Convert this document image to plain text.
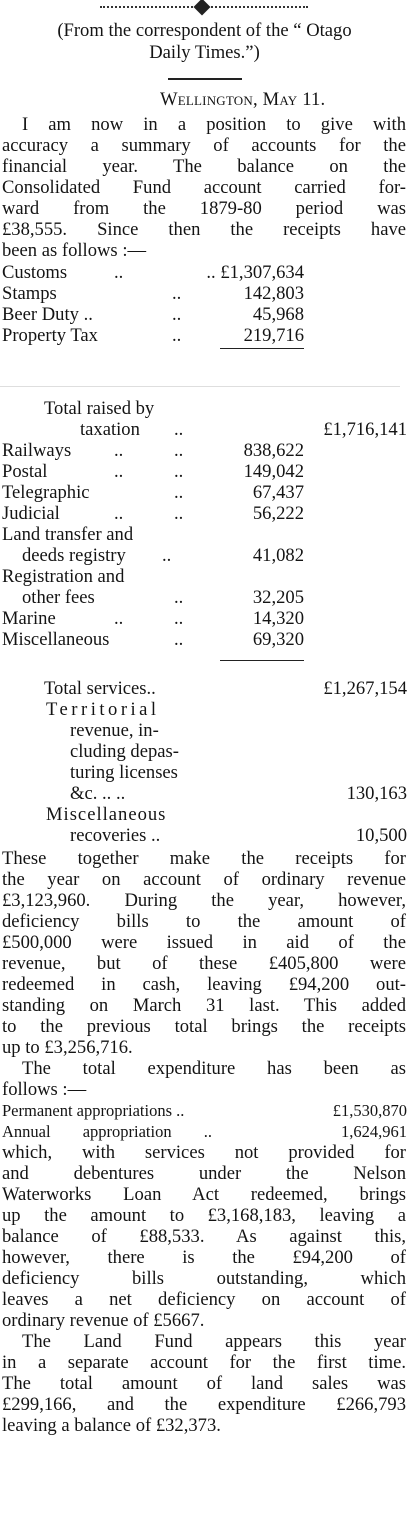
(From the correspondent of the “ Otago
Daily Times.”)
Wellington, May 11.
I am now in a position to give with
accuracy a summary of accounts for the
financial year. The balance on the
Consolidated Fund account carried for-
ward from the 1879-80 period was
£38,555. Since then the receipts have
been as follows :—
Customs	..	.. £1,307,634
Stamps	..	142,803
Beer Duty ..	..	45,968
Property Tax	..	219,716
Total raised by
taxation ..	£1,716,141
Railways ..	..	838,622
Postal	..	..	149,042
Telegraphic	..	67,437
Judicial	..	..	56,222
Land transfer and
deeds registry ..	41,082
Registration and
other fees	..	32,205
Marine	..	..	14,320
Miscellaneous	..	69,320
Total services..	£1,267,154
Territorial
revenue, in-
cluding depas-
turing licenses
&c. .. ..	130,163
Miscellaneous
recoveries ..	10,500
These together make the receipts for
the year on account of ordinary revenue
£3,123,960. During the year, however,
deficiency bills to the amount of
£500,000 were issued in aid of the
revenue, but of these £405,800 were
redeemed in cash, leaving £94,200 out-
standing on March 31 last. This added
to the previous total brings the receipts
up to £3,256,716.
The total expenditure has been as
follows :—
Permanent appropriations ..	£1,530,870
Annual appropriation ..	1,624,961
which, with services not provided for
and debentures under the Nelson
Waterworks Loan Act redeemed, brings
up the amount to £3,168,183, leaving a
balance of £88,533. As against this,
however, there is the £94,200 of
deficiency bills outstanding, which
leaves a net deficiency on account of
ordinary revenue of £5667.
The Land Fund appears this year
in a separate account for the first time.
The total amount of land sales was
£299,166, and the expenditure £266,793
leaving a balance of £32,373.
